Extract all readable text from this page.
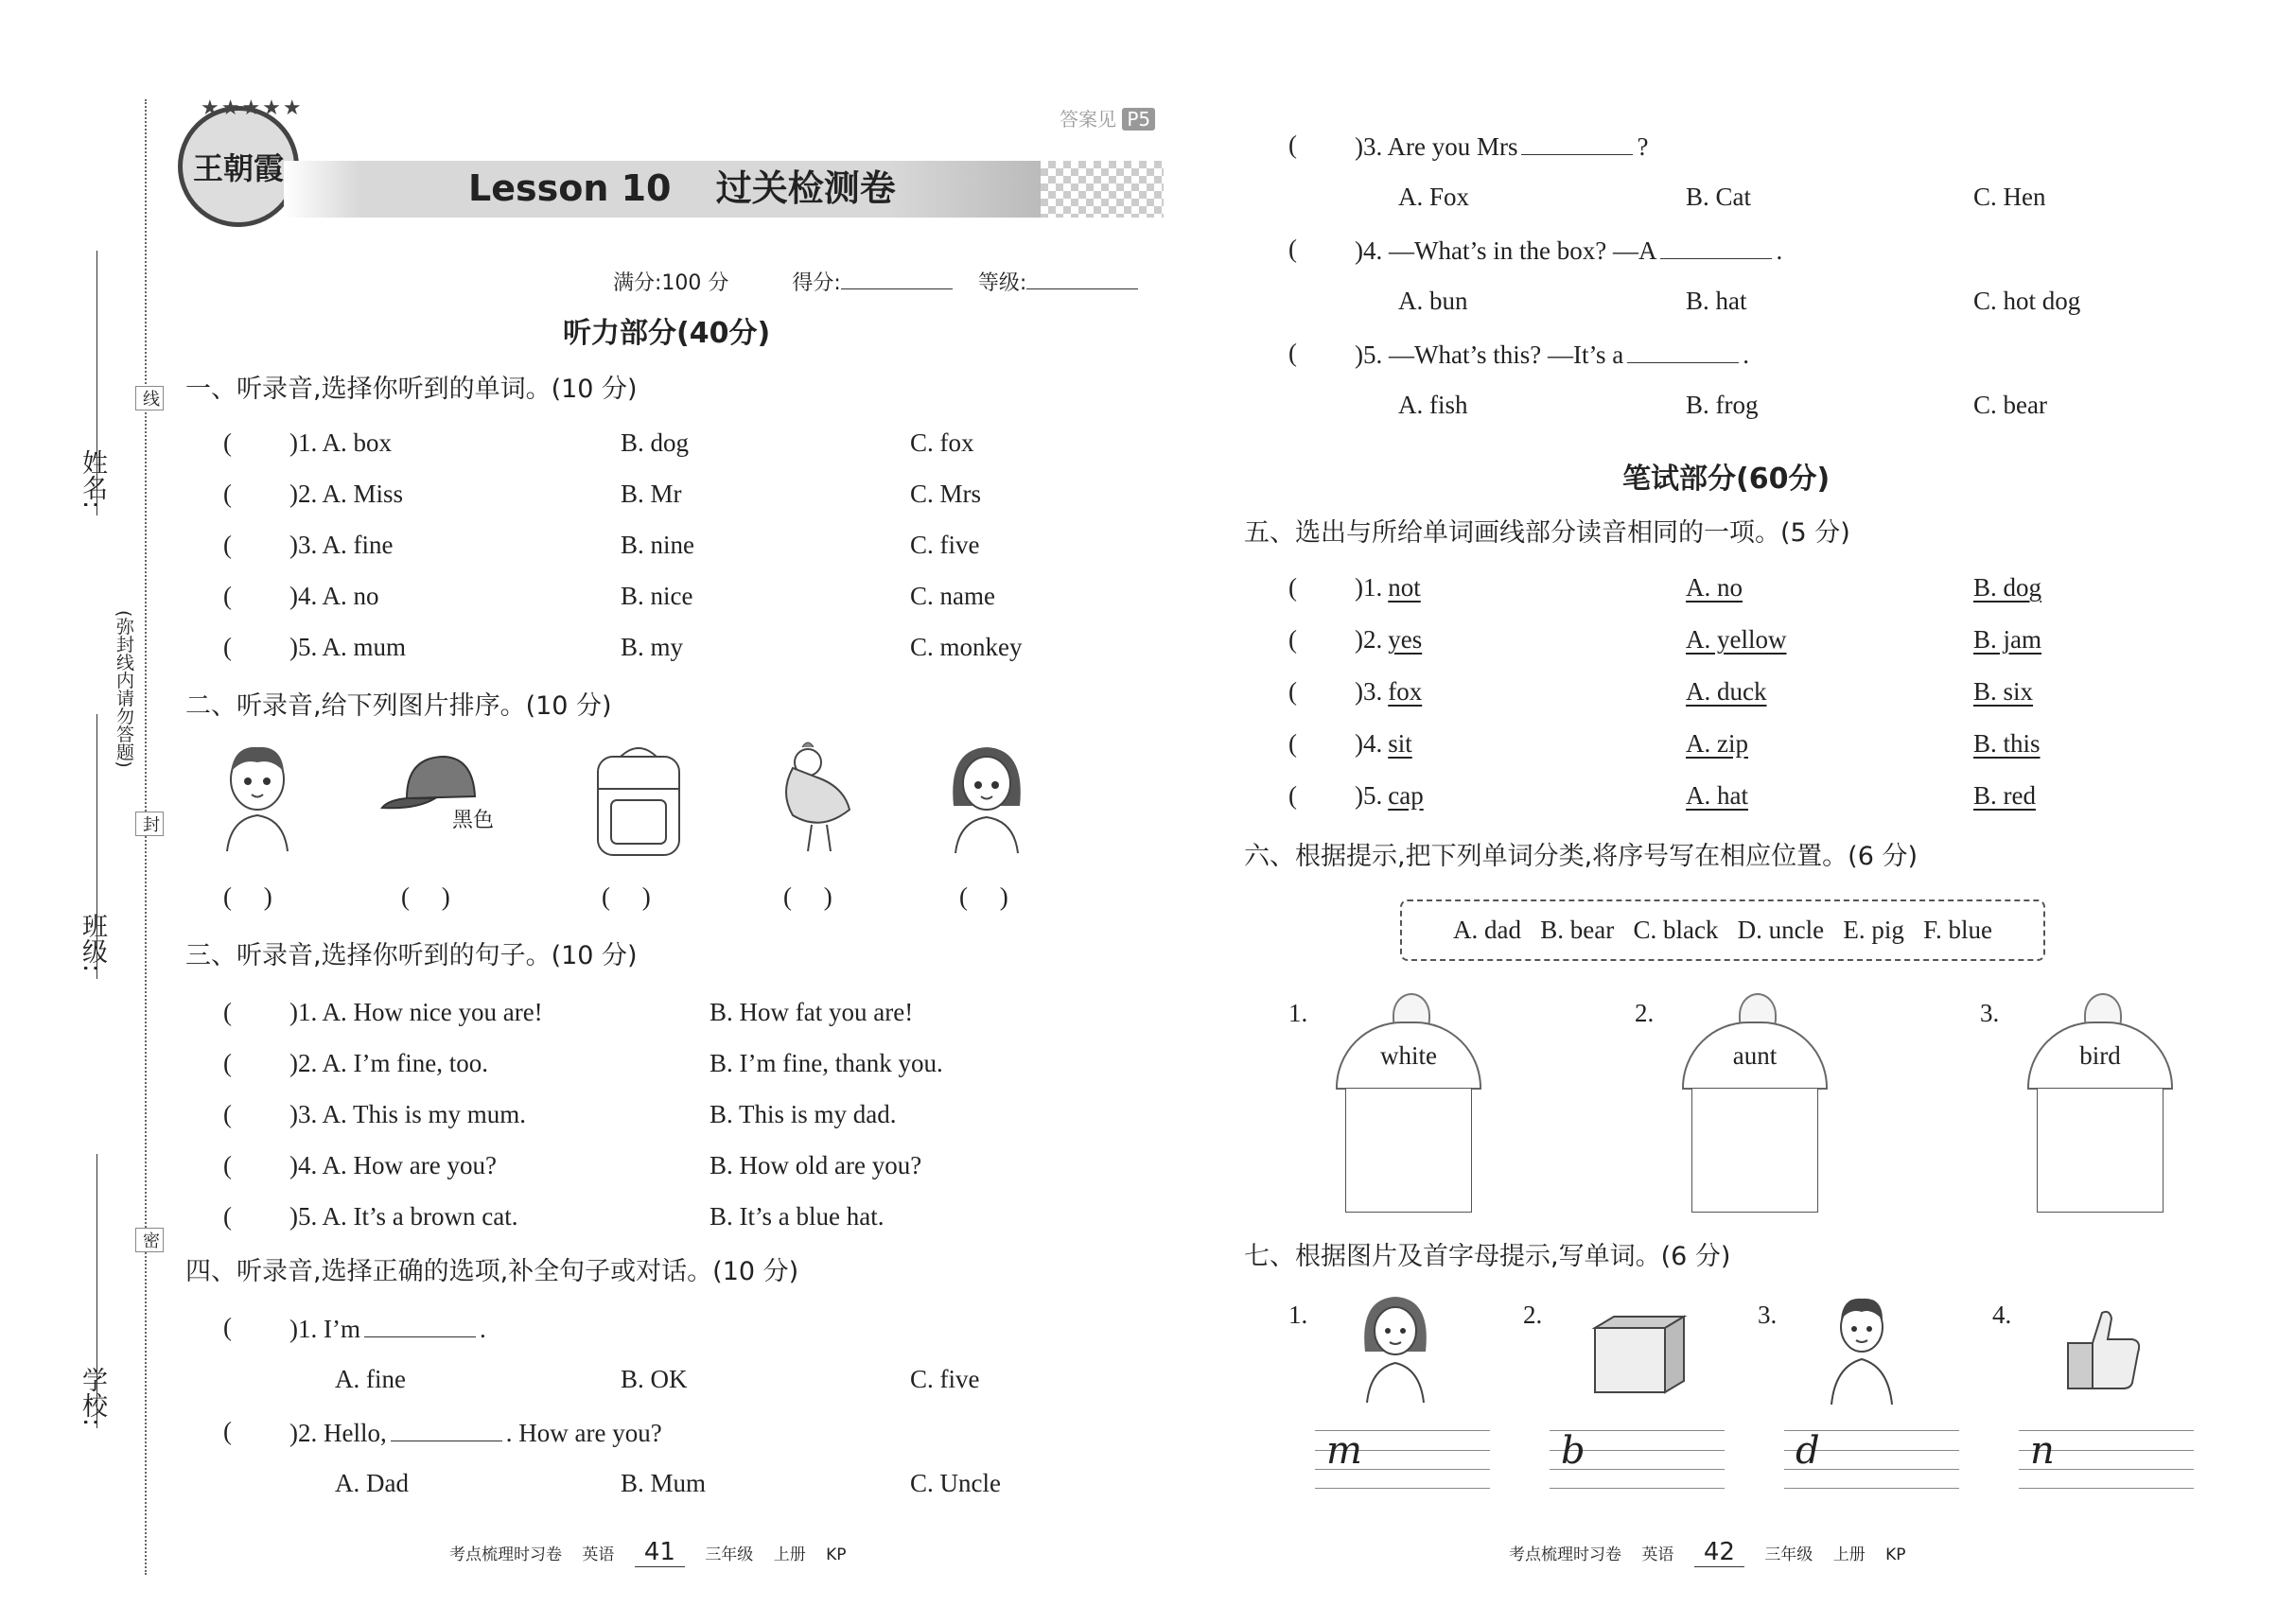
姓名:
班级:
学校:
(弥封线内请勿答题)
线
封
密
王朝霞
★★★★★
Lesson 10 过关检测卷
答案见 P5
满分:100 分	得分:	等级:
听力部分(40分)
一、听录音,选择你听到的单词。(10 分)
( )1. A. box	B. dog	C. fox
( )2. A. Miss	B. Mr	C. Mrs
( )3. A. fine	B. nine	C. five
( )4. A. no	B. nice	C. name
( )5. A. mum	B. my	C. monkey
二、听录音,给下列图片排序。(10 分)
黑色
(     )	(     )	(     )	(     )	(     )
三、听录音,选择你听到的句子。(10 分)
( )1. A. How nice you are!	B. How fat you are!
( )2. A. I’m fine, too.	B. I’m fine, thank you.
( )3. A. This is my mum.	B. This is my dad.
( )4. A. How are you?	B. How old are you?
( )5. A. It’s a brown cat.	B. It’s a blue hat.
四、听录音,选择正确的选项,补全句子或对话。(10 分)
( )1. I’m	.
A. fine	B. OK	C. five
( )2. Hello,	. How are you?
A. Dad	B. Mum	C. Uncle
( )3. Are you Mrs	?
A. Fox	B. Cat	C. Hen
( )4. —What’s in the box? —A	.
A. bun	B. hat	C. hot dog
( )5. —What’s this? —It’s a	.
A. fish	B. frog	C. bear
考点梳理时习卷 英语 41 三年级 上册 KP	考点梳理时习卷 英语 42 三年级 上册 KP
笔试部分(60分)
五、选出与所给单词画线部分读音相同的一项。(5 分)
( )1. not	A. no	B. dog
( )2. yes	A. yellow	B. jam
( )3. fox	A. duck	B. six
( )4. sit	A. zip	B. this
( )5. cap	A. hat	B. red
六、根据提示,把下列单词分类,将序号写在相应位置。(6 分)
A. dad   B. bear   C. black   D. uncle   E. pig   F. blue
1.
white
2.
aunt
3.
bird
七、根据图片及首字母提示,写单词。(6 分)
1.
m
2.
b
3.
d
4.
n
